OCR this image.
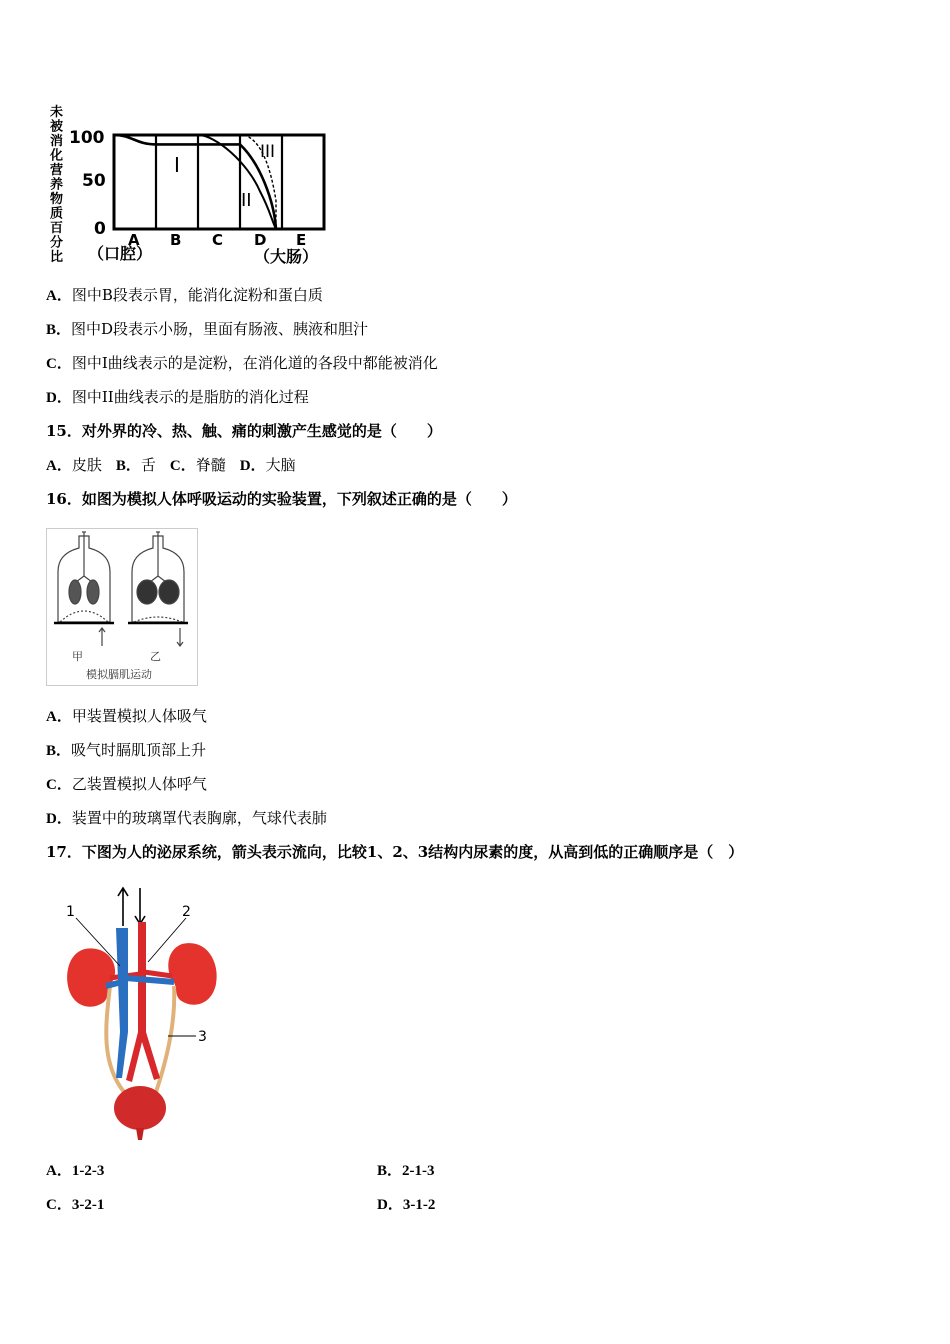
未被消化营养物质百分比
100
50
0
I
II
III
A B C D E
（口腔）	（大肠）
A．图中B段表示胃，能消化淀粉和蛋白质
B．图中D段表示小肠，里面有肠液、胰液和胆汁
C．图中I曲线表示的是淀粉，在消化道的各段中都能被消化
D．图中II曲线表示的是脂肪的消化过程
15．对外界的冷、热、触、痛的刺激产生感觉的是（　　）
A．皮肤 B．舌 C．脊髓 D．大脑
16．如图为模拟人体呼吸运动的实验装置，下列叙述正确的是（　　）
甲	乙
模拟膈肌运动
A．甲装置模拟人体吸气
B．吸气时膈肌顶部上升
C．乙装置模拟人体呼气
D．装置中的玻璃罩代表胸廓，气球代表肺
17．下图为人的泌尿系统，箭头表示流向，比较1、2、3结构内尿素的度，从高到低的正确顺序是（　）
1	2
3
A．1-2-3	B．2-1-3
C．3-2-1	D．3-1-2
